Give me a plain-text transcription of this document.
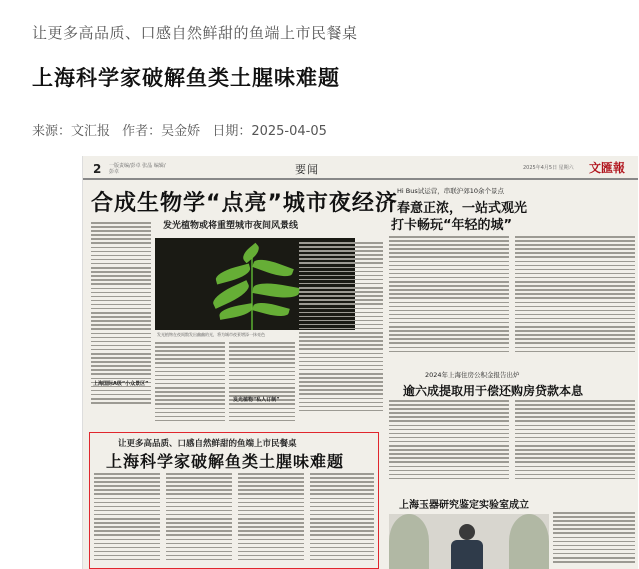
让更多高品质、口感自然鲜甜的鱼端上市民餐桌
上海科学家破解鱼类土腥味难题
来源：文汇报 作者：吴金娇 日期：2025-04-05
2 一版责编/彭卓 张晶 编辑/彭卓	要闻	2025年4月5日 星期六 文匯報
合成生物学“点亮”城市夜经济
发光植物或将重塑城市夜间风景线
发光植物在夜间散发出幽幽的光，将为城市夜景增添一抹亮色
上海国际A级“小众景区”
发光植物“私人订制”
Hi Bus试运营，串联沪郊10余个景点
春意正浓，一站式观光
打卡畅玩“年轻的城”
2024年上海住房公积金报告出炉
逾六成提取用于偿还购房贷款本息
上海玉器研究鉴定实验室成立
让更多高品质、口感自然鲜甜的鱼端上市民餐桌
上海科学家破解鱼类土腥味难题
